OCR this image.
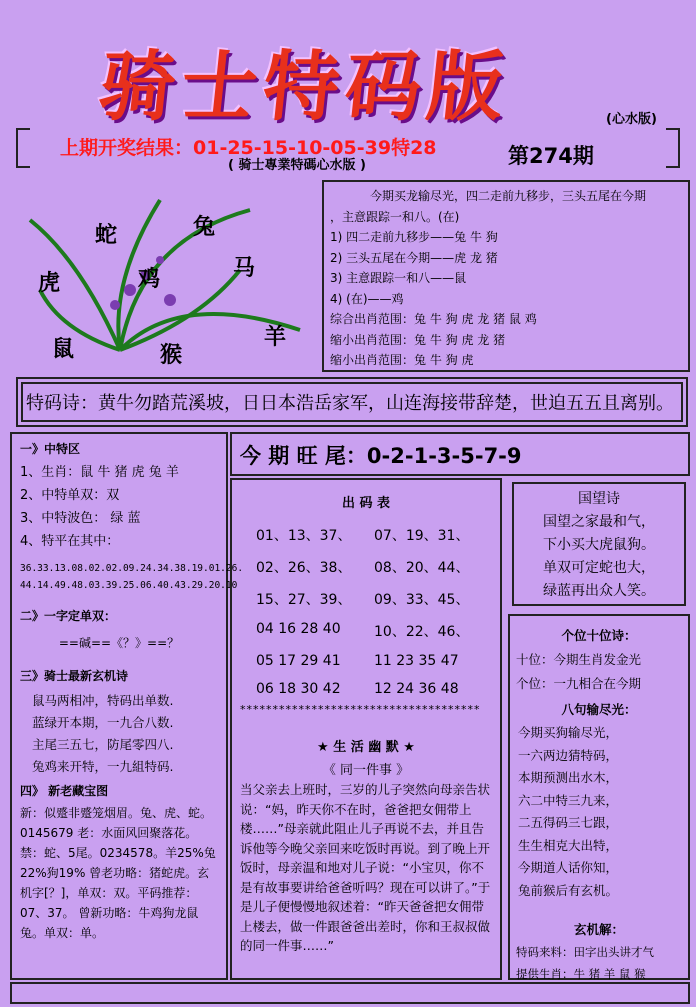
骑士特码版	(心水版)
上期开奖结果：01-25-15-10-05-39特28
( 骑士專業特碼心水版 )	第274期
蛇	兔
虎	鸡	马
鼠	猴
羊
今期买龙输尽光，四二走前九移步，三头五尾在今期
，主意跟踪一和八。(在)
1) 四二走前九移步——兔 牛 狗
2) 三头五尾在今期——虎 龙 猪
3) 主意跟踪一和八——鼠
4) (在)——鸡
综合出肖范围：兔 牛 狗 虎 龙 猪 鼠 鸡
缩小出肖范围：兔 牛 狗 虎 龙 猪
缩小出肖范围：兔 牛 狗 虎
特码诗：黄牛勿踏荒溪坡，日日本浩岳家军，山连海接带辞楚，世迫五五且离别。
一》中特区
1、生肖：鼠 牛 猪 虎 兔 羊
2、中特单双：双
3、中特波色： 绿 蓝
4、特平在其中：
36.33.13.08.02.02.09.24.34.38.19.01.26.
44.14.49.48.03.39.25.06.40.43.29.20.10
二》一字定单双：
==碱==《？》==？
三》骑士最新玄机诗
鼠马两相冲，特码出单数.
蓝绿开本期，一九合八数.
主尾三五七，防尾零四八.
兔鸡来开特，一九組特码.
四》 新老藏宝图
新：似蹙非蹙笼烟眉。兔、虎、蛇。0145679 老：水面风回聚落花。禁：蛇、5尾。0234578。羊25%兔22%狗19% 曾老功略：猪蛇虎。玄机字[？]，单双：双。平码推荐：07、37。 曾新功略：牛鸡狗龙鼠兔。单双：单。
今 期 旺 尾：0-2-1-3-5-7-9
出 码 表
01、13、37、	07、19、31、
02、26、38、	08、20、44、
15、27、39、	09、33、45、
04 16 28 40	10、22、46、
05 17 29 41	11 23 35 47
06 18 30 42	12 24 36 48
*************************************
★ 生 活 幽 默 ★
《 同一件事 》
当父亲去上班时，三岁的儿子突然向母亲告状说：“妈，昨天你不在时，爸爸把女佣带上楼……”母亲就此阻止儿子再说不去，并且告诉他等今晚父亲回来吃饭时再说。到了晚上开饭时，母亲温和地对儿子说：“小宝贝，你不是有故事要讲给爸爸听吗？现在可以讲了。”于是儿子便慢慢地叙述着：“昨天爸爸把女佣带上楼去，做一件跟爸爸出差时，你和王叔叔做的同一件事……”
国望诗
国望之家最和气，
下小买大虎鼠狗。
单双可定蛇也大，
绿蓝再出众人笑。
个位十位诗：
十位：今期生肖发金光
个位：一九相合在今期
八句输尽光：
今期买狗输尽光，
一六两边猜特码，
本期预测出水木，
六二中特三九来，
二五得码三七跟，
生生相克大出特，
今期道人话你知，
兔前猴后有玄机。
玄机解：
特码来料：田字出头讲才气
提供生肖：牛 猪 羊 鼠 猴
